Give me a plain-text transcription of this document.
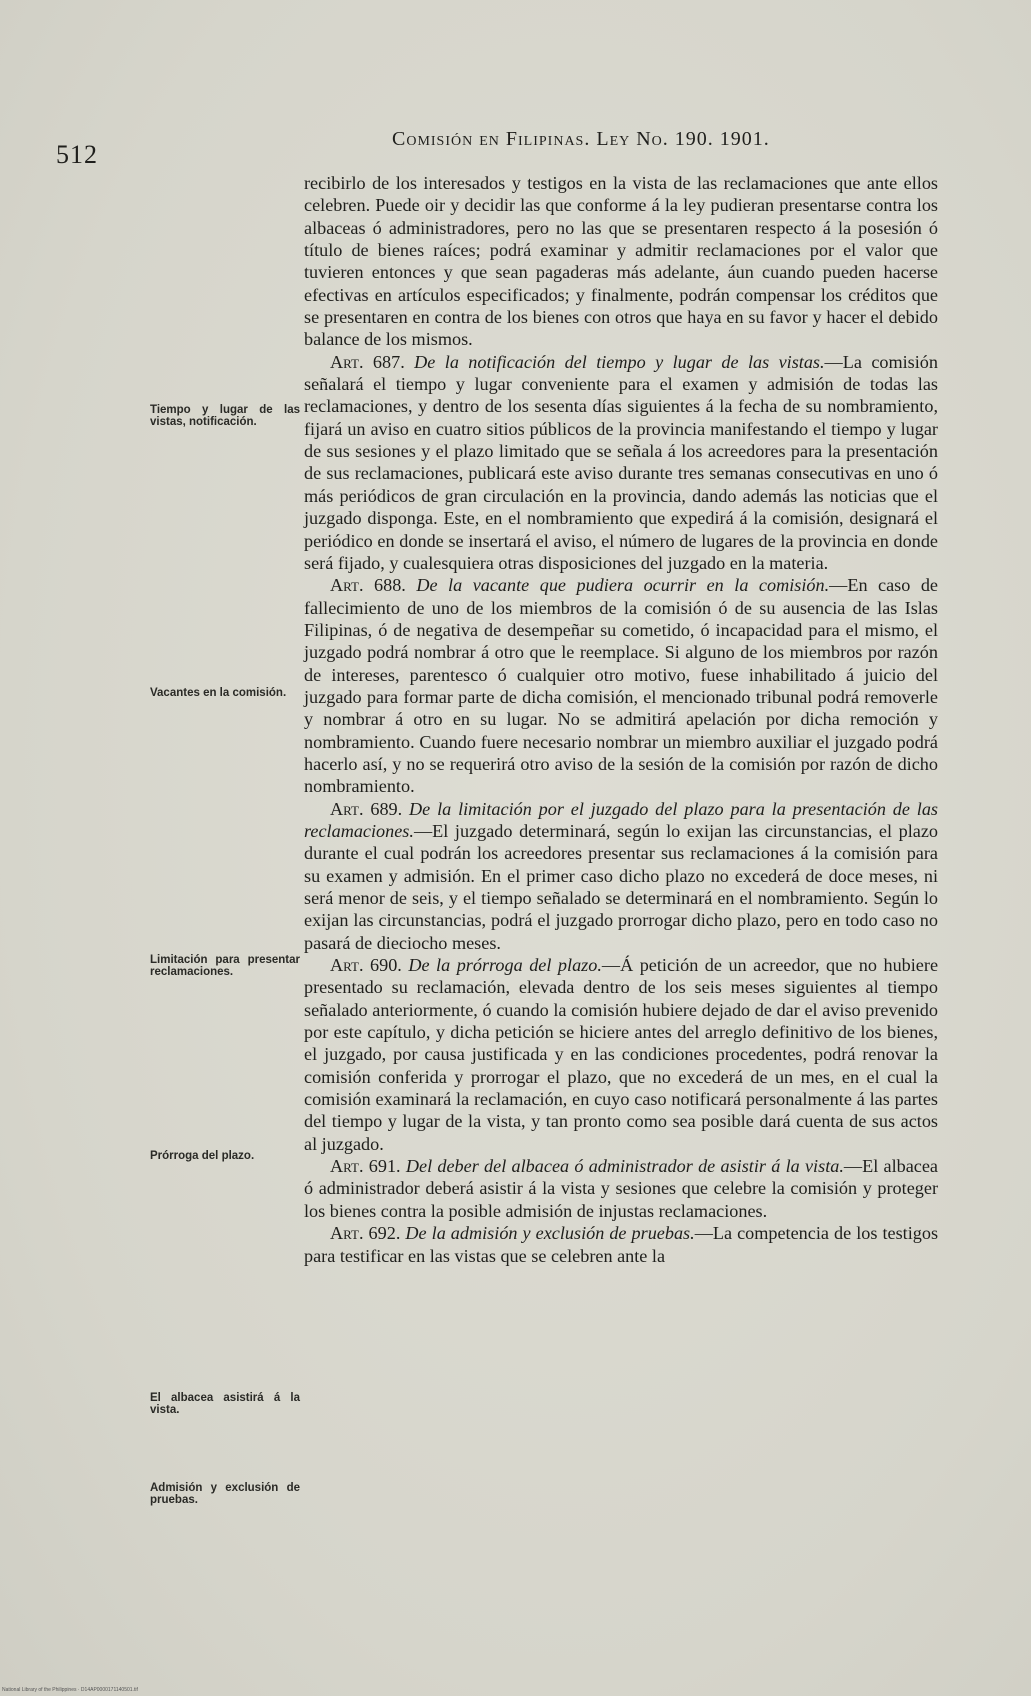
512
Comisión en Filipinas. Ley No. 190. 1901.
Tiempo y lugar de las vistas, notificación.
Vacantes en la comisión.
Limitación para presentar reclamaciones.
Prórroga del plazo.
El albacea asistirá á la vista.
Admisión y exclusión de pruebas.

recibirlo de los interesados y testigos en la vista de las reclamaciones que ante ellos celebren. Puede oir y decidir las que conforme á la ley pudieran presentarse contra los albaceas ó administradores, pero no las que se presentaren respecto á la posesión ó título de bienes raíces; podrá examinar y admitir reclamaciones por el valor que tuvieren entonces y que sean pagaderas más adelante, áun cuando pueden hacerse efectivas en artículos especificados; y finalmente, podrán compensar los créditos que se presentaren en contra de los bienes con otros que haya en su favor y hacer el debido balance de los mismos.

Art. 687. De la notificación del tiempo y lugar de las vistas.—La comisión señalará el tiempo y lugar conveniente para el examen y admisión de todas las reclamaciones, y dentro de los sesenta días siguientes á la fecha de su nombramiento, fijará un aviso en cuatro sitios públicos de la provincia manifestando el tiempo y lugar de sus sesiones y el plazo limitado que se señala á los acreedores para la presentación de sus reclamaciones, publicará este aviso durante tres semanas consecutivas en uno ó más periódicos de gran circulación en la provincia, dando además las noticias que el juzgado disponga. Este, en el nombramiento que expedirá á la comisión, designará el periódico en donde se insertará el aviso, el número de lugares de la provincia en donde será fijado, y cualesquiera otras disposiciones del juzgado en la materia.

Art. 688. De la vacante que pudiera ocurrir en la comisión.—En caso de fallecimiento de uno de los miembros de la comisión ó de su ausencia de las Islas Filipinas, ó de negativa de desempeñar su cometido, ó incapacidad para el mismo, el juzgado podrá nombrar á otro que le reemplace. Si alguno de los miembros por razón de intereses, parentesco ó cualquier otro motivo, fuese inhabilitado á juicio del juzgado para formar parte de dicha comisión, el mencionado tribunal podrá removerle y nombrar á otro en su lugar. No se admitirá apelación por dicha remoción y nombramiento. Cuando fuere necesario nombrar un miembro auxiliar el juzgado podrá hacerlo así, y no se requerirá otro aviso de la sesión de la comisión por razón de dicho nombramiento.

Art. 689. De la limitación por el juzgado del plazo para la presentación de las reclamaciones.—El juzgado determinará, según lo exijan las circunstancias, el plazo durante el cual podrán los acreedores presentar sus reclamaciones á la comisión para su examen y admisión. En el primer caso dicho plazo no excederá de doce meses, ni será menor de seis, y el tiempo señalado se determinará en el nombramiento. Según lo exijan las circunstancias, podrá el juzgado prorrogar dicho plazo, pero en todo caso no pasará de dieciocho meses.

Art. 690. De la prórroga del plazo.—Á petición de un acreedor, que no hubiere presentado su reclamación, elevada dentro de los seis meses siguientes al tiempo señalado anteriormente, ó cuando la comisión hubiere dejado de dar el aviso prevenido por este capítulo, y dicha petición se hiciere antes del arreglo definitivo de los bienes, el juzgado, por causa justificada y en las condiciones procedentes, podrá renovar la comisión conferida y prorrogar el plazo, que no excederá de un mes, en el cual la comisión examinará la reclamación, en cuyo caso notificará personalmente á las partes del tiempo y lugar de la vista, y tan pronto como sea posible dará cuenta de sus actos al juzgado.

Art. 691. Del deber del albacea ó administrador de asistir á la vista.—El albacea ó administrador deberá asistir á la vista y sesiones que celebre la comisión y proteger los bienes contra la posible admisión de injustas reclamaciones.

Art. 692. De la admisión y exclusión de pruebas.—La competencia de los testigos para testificar en las vistas que se celebren ante la

National Library of the Philippines · D14AP0000171140501.tif
